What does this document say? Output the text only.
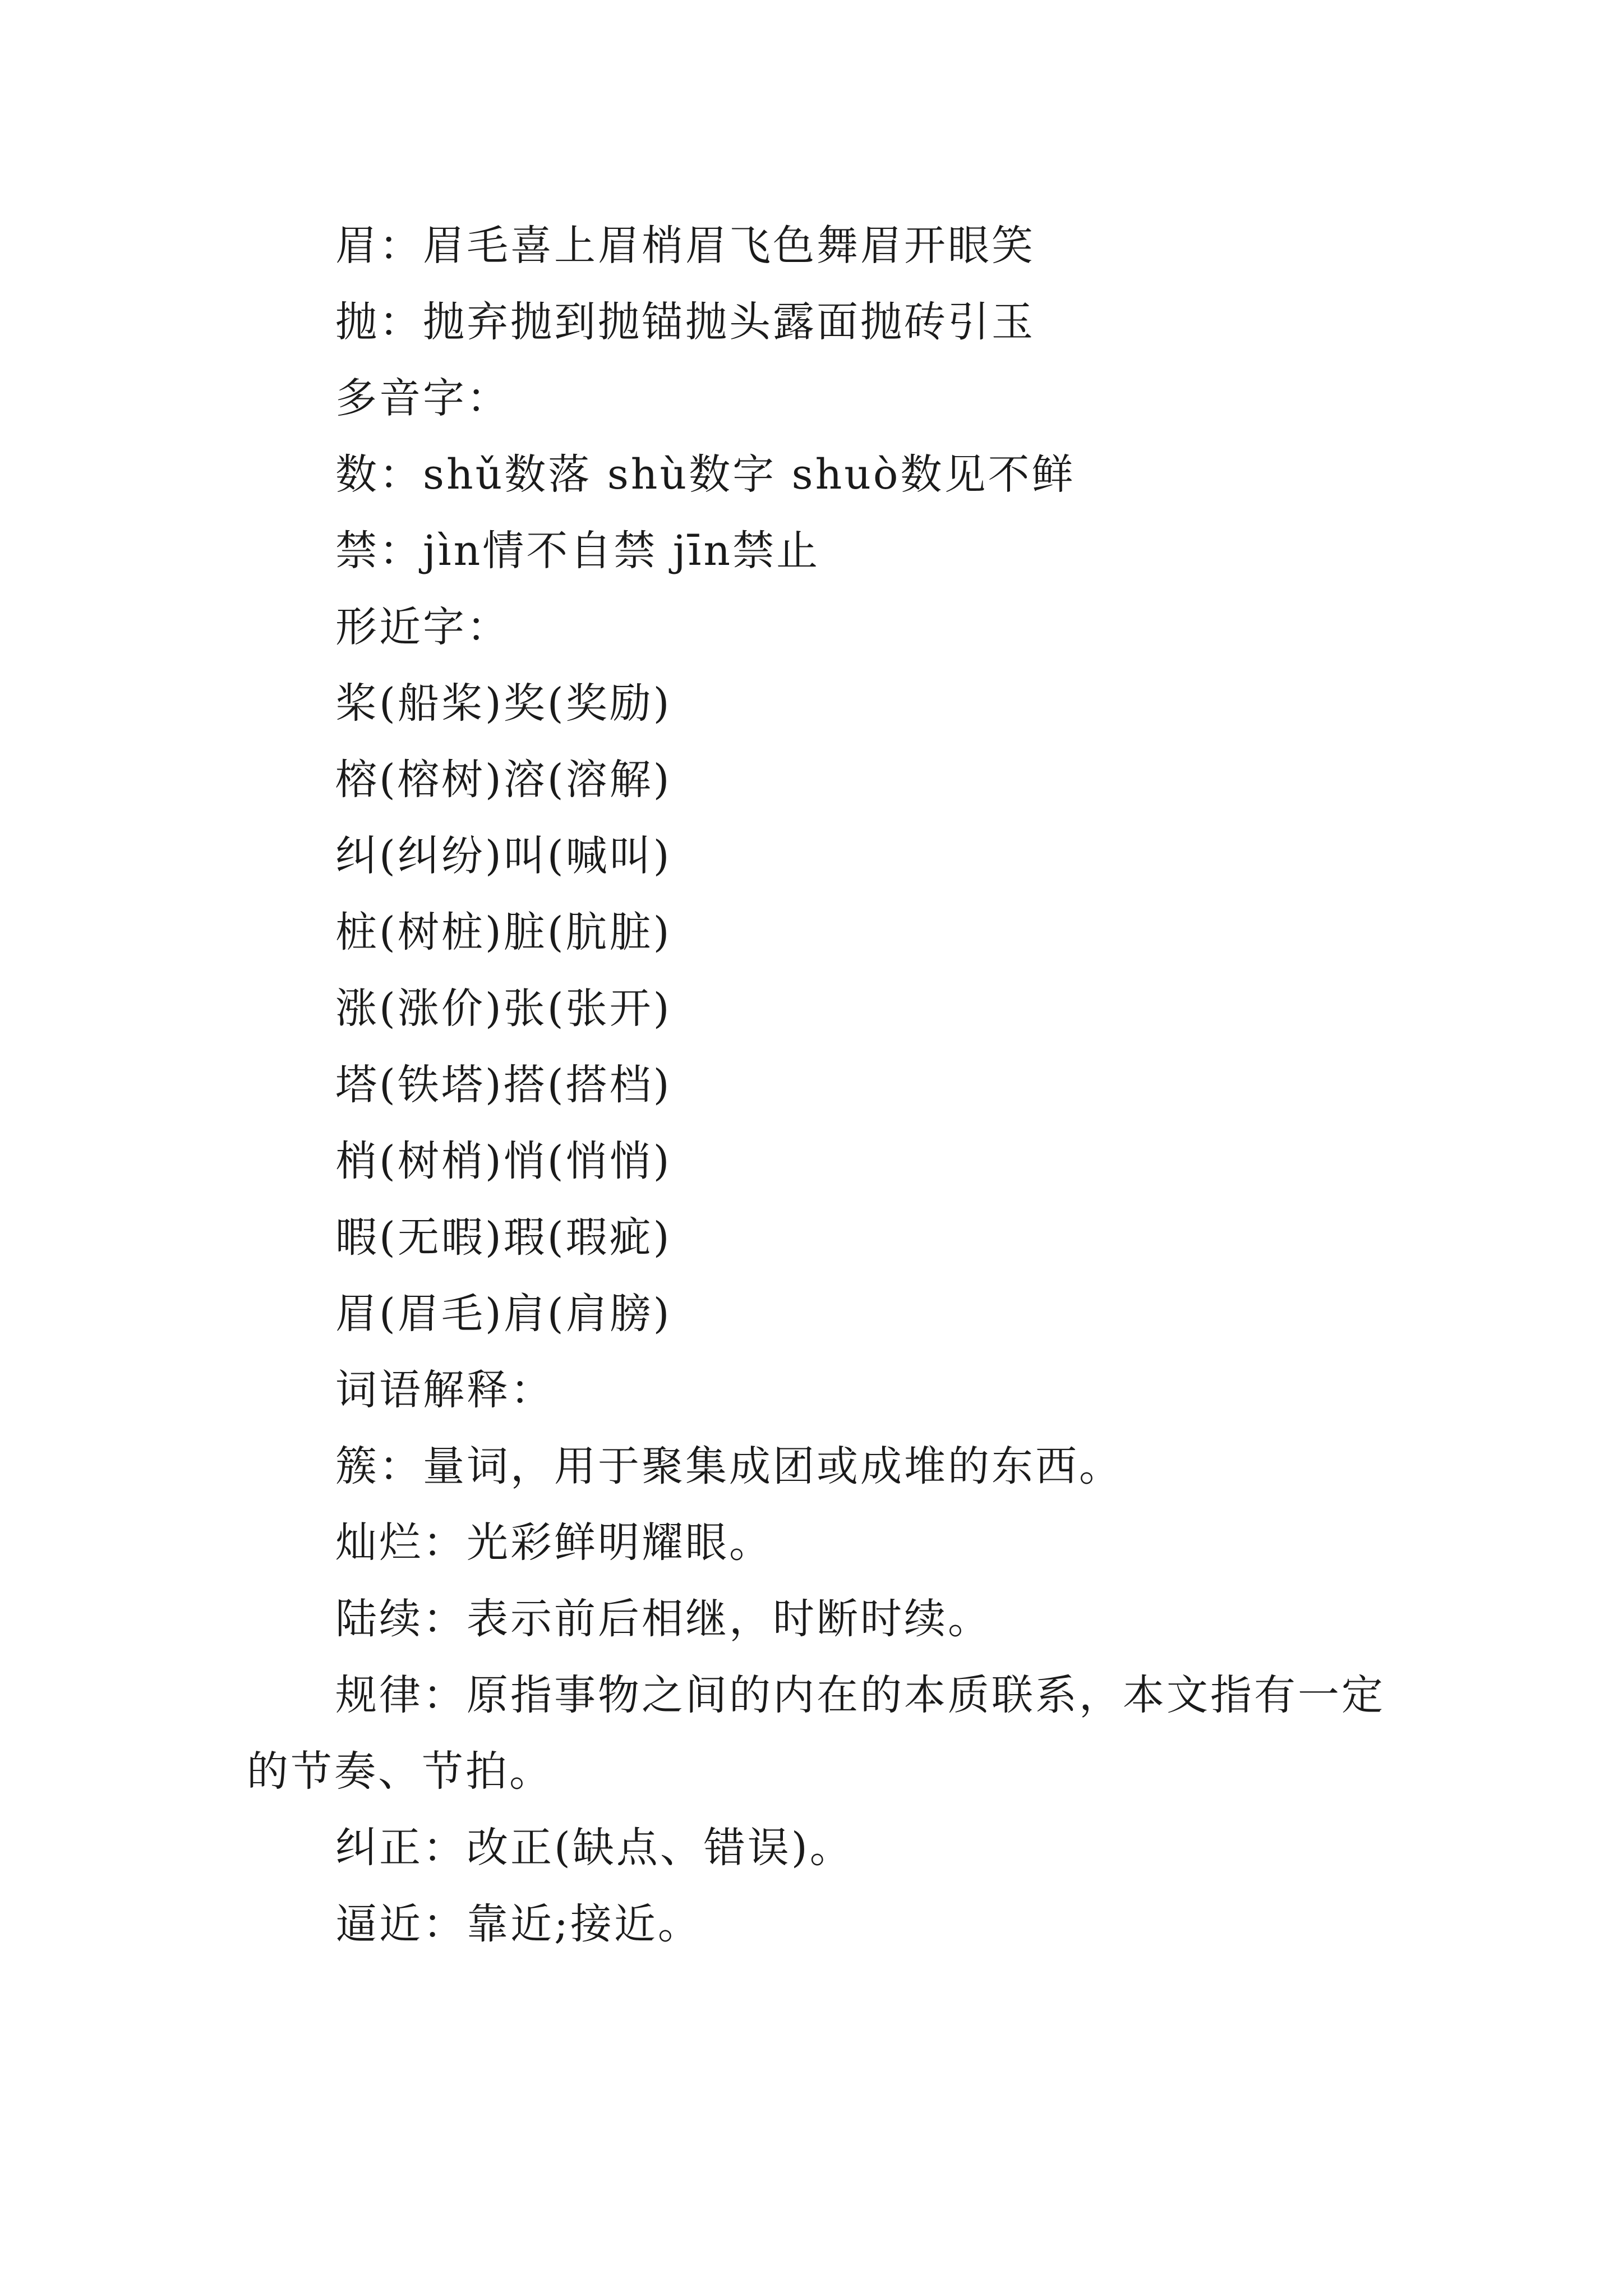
眉：眉毛喜上眉梢眉飞色舞眉开眼笑
抛：抛弃抛到抛锚抛头露面抛砖引玉
多音字：
数：shǔ数落 shù数字 shuò数见不鲜
禁：jìn情不自禁 jīn禁止
形近字：
桨(船桨)奖(奖励)
榕(榕树)溶(溶解)
纠(纠纷)叫(喊叫)
桩(树桩)脏(肮脏)
涨(涨价)张(张开)
塔(铁塔)搭(搭档)
梢(树梢)悄(悄悄)
暇(无暇)瑕(瑕疵)
眉(眉毛)肩(肩膀)
词语解释：
簇：量词，用于聚集成团或成堆的东西。
灿烂：光彩鲜明耀眼。
陆续：表示前后相继，时断时续。
规律：原指事物之间的内在的本质联系，本文指有一定
的节奏、节拍。
纠正：改正(缺点、错误)。
逼近：靠近;接近。
